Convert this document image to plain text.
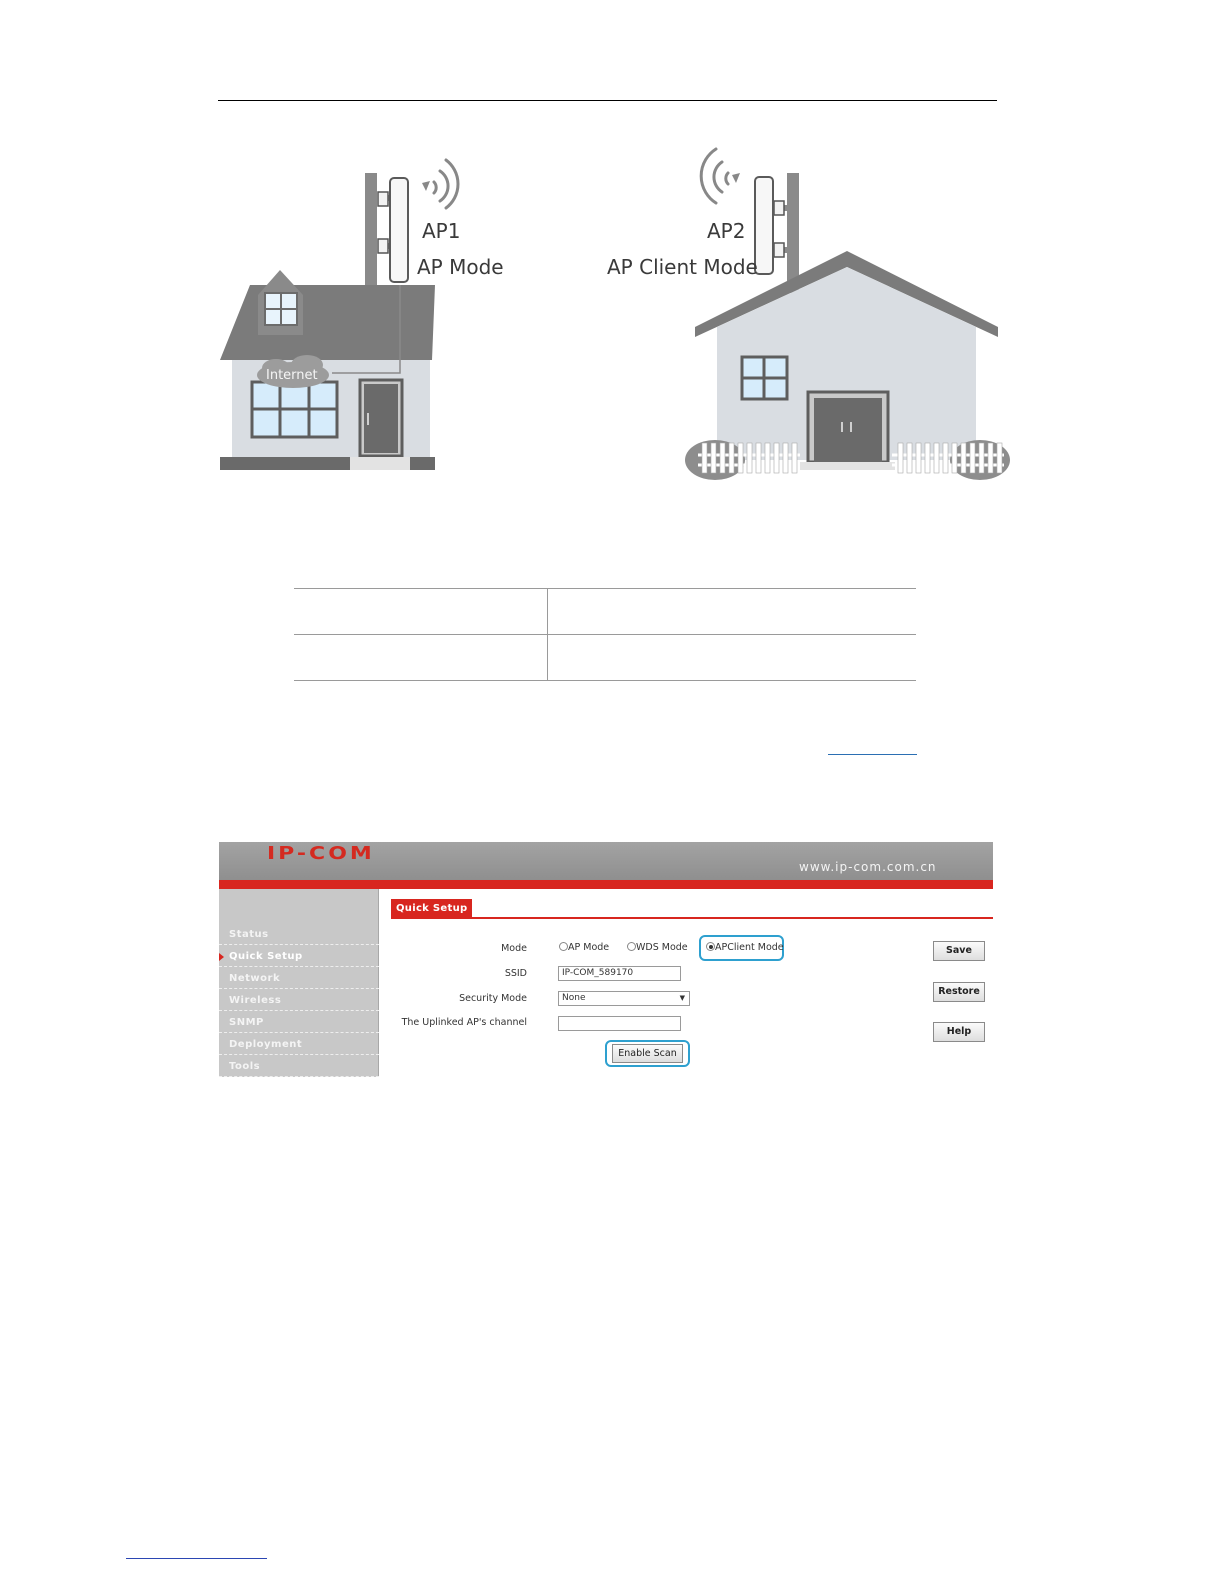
Internet
AP1
AP Mode
AP2
AP Client Mode

IP-COM
www.ip-com.com.cn
Status
Quick Setup
Network
Wireless
SNMP
Deployment
Tools
Quick Setup
Mode	AP Mode	WDS Mode	APClient Mode
SSID	IP-COM_589170
Security Mode	None	▼
The Uplinked AP's channel
Enable Scan
Save
Restore
Help
